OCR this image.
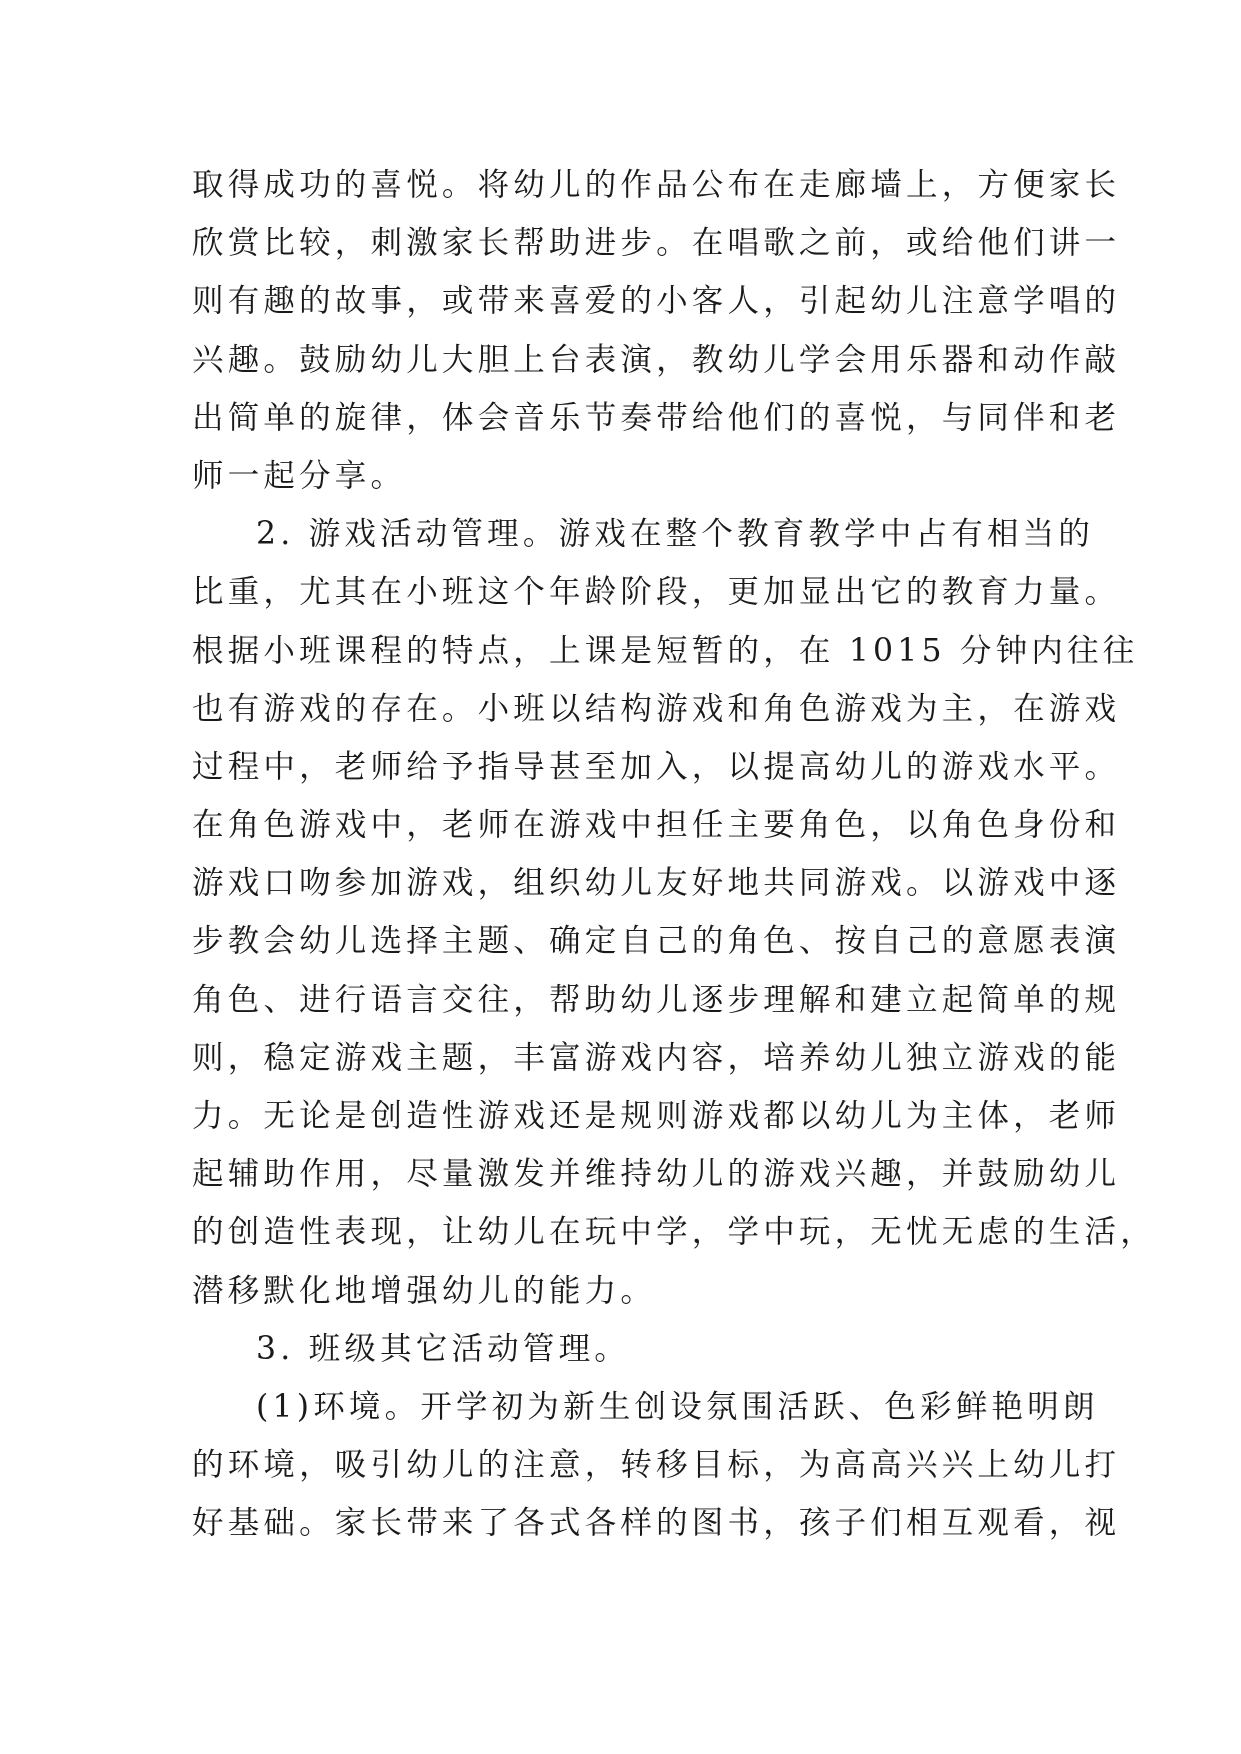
取得成功的喜悦。将幼儿的作品公布在走廊墙上，方便家长
欣赏比较，刺激家长帮助进步。在唱歌之前，或给他们讲一
则有趣的故事，或带来喜爱的小客人，引起幼儿注意学唱的
兴趣。鼓励幼儿大胆上台表演，教幼儿学会用乐器和动作敲
出简单的旋律，体会音乐节奏带给他们的喜悦，与同伴和老
师一起分享。
2. 游戏活动管理。游戏在整个教育教学中占有相当的
比重，尤其在小班这个年龄阶段，更加显出它的教育力量。
根据小班课程的特点，上课是短暂的，在 1015 分钟内往往
也有游戏的存在。小班以结构游戏和角色游戏为主，在游戏
过程中，老师给予指导甚至加入，以提高幼儿的游戏水平。
在角色游戏中，老师在游戏中担任主要角色，以角色身份和
游戏口吻参加游戏，组织幼儿友好地共同游戏。以游戏中逐
步教会幼儿选择主题、确定自己的角色、按自己的意愿表演
角色、进行语言交往，帮助幼儿逐步理解和建立起简单的规
则，稳定游戏主题，丰富游戏内容，培养幼儿独立游戏的能
力。无论是创造性游戏还是规则游戏都以幼儿为主体，老师
起辅助作用，尽量激发并维持幼儿的游戏兴趣，并鼓励幼儿
的创造性表现，让幼儿在玩中学，学中玩，无忧无虑的生活，
潜移默化地增强幼儿的能力。
3. 班级其它活动管理。
(1)环境。开学初为新生创设氛围活跃、色彩鲜艳明朗
的环境，吸引幼儿的注意，转移目标，为高高兴兴上幼儿打
好基础。家长带来了各式各样的图书，孩子们相互观看，视
